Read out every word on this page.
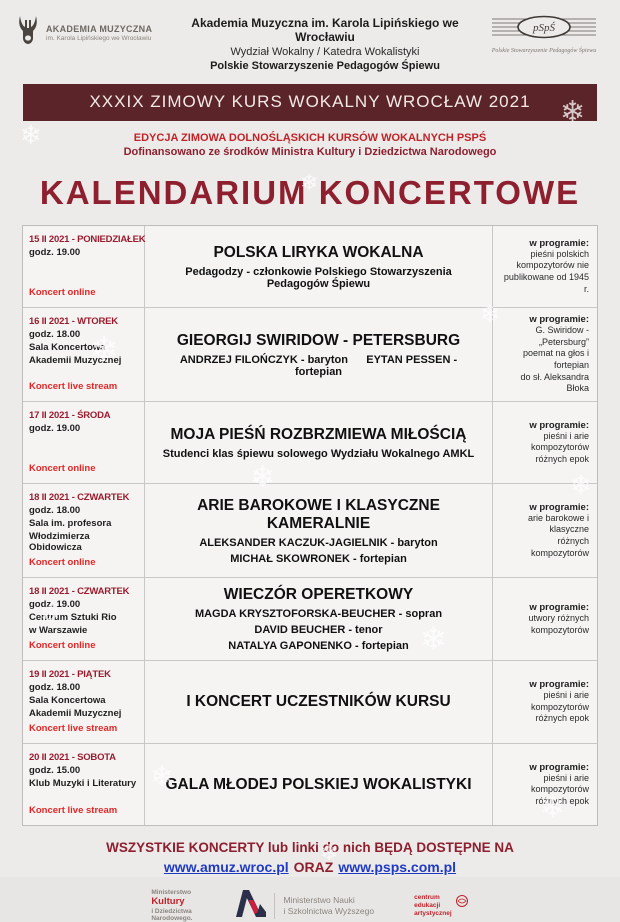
❄
❄
❄
❄
❄
❄
❄
❄
❄
❄
❄
❄
AKADEMIA MUZYCZNA
im. Karola Lipińskiego we Wrocławiu
Akademia Muzyczna im. Karola Lipińskiego we Wrocławiu
Wydział Wokalny / Katedra Wokalistyki
Polskie Stowarzyszenie Pedagogów Śpiewu
pSpŚ
Polskie Stowarzyszenie Pedagogów Śpiewu
XXXIX ZIMOWY KURS WOKALNY WROCŁAW 2021
EDYCJA ZIMOWA DOLNOŚLĄSKICH KURSÓW WOKALNYCH PSPŚ
Dofinansowano ze środków Ministra Kultury i Dziedzictwa Narodowego
KALENDARIUM KONCERTOWE
15 II 2021 - PONIEDZIAŁEK
godz. 19.00
Koncert online
POLSKA LIRYKA WOKALNA
Pedagodzy - członkowie Polskiego Stowarzyszenia Pedagogów Śpiewu
w programie:
pieśni polskich
kompozytorów nie
publikowane od 1945 r.
16 II 2021 - WTOREK
godz. 18.00
Sala Koncertowa
Akademii Muzycznej
Koncert live stream
GIEORGIJ SWIRIDOW - PETERSBURG
ANDRZEJ FILOŃCZYK - baryton      EYTAN PESSEN - fortepian
w programie:
G. Swiridow - „Petersburg”
poemat na głos i fortepian
do sł. Aleksandra Błoka
17 II 2021 - ŚRODA
godz. 19.00
Koncert online
MOJA PIEŚŃ ROZBRZMIEWA MIŁOŚCIĄ
Studenci klas śpiewu solowego Wydziału Wokalnego AMKL
w programie:
pieśni i arie kompozytorów
różnych epok
18 II 2021 - CZWARTEK
godz. 18.00
Sala im. profesora
Włodzimierza Obidowicza
Koncert online
ARIE BAROKOWE I KLASYCZNE KAMERALNIE
ALEKSANDER KACZUK-JAGIELNIK - baryton
MICHAŁ SKOWRONEK - fortepian
w programie:
arie barokowe i klasyczne
różnych kompozytorów
18 II 2021 - CZWARTEK
godz. 19.00
Centrum Sztuki Rio
w Warszawie
Koncert online
WIECZÓR OPERETKOWY
MAGDA KRYSZTOFORSKA-BEUCHER - sopran
DAVID BEUCHER - tenor
NATALYA GAPONENKO - fortepian
w programie:
utwory różnych
kompozytorów
19 II 2021 - PIĄTEK
godz. 18.00
Sala Koncertowa
Akademii Muzycznej
Koncert live stream
I KONCERT UCZESTNIKÓW KURSU
w programie:
pieśni i arie kompozytorów
różnych epok
20 II 2021 - SOBOTA
godz. 15.00
Klub Muzyki i Literatury
Koncert live stream
GALA MŁODEJ POLSKIEJ WOKALISTYKI
w programie:
pieśni i arie kompozytorów
różnych epok
WSZYSTKIE KONCERTY lub linki do nich BĘDĄ DOSTĘPNE NA
www.amuz.wroc.pl ORAZ www.psps.com.pl
Ministerstwo
Kultury
i Dziedzictwa
Narodowego.
Ministerstwo Nauki
i Szkolnictwa Wyższego
centrum
edukacji
artystycznej
